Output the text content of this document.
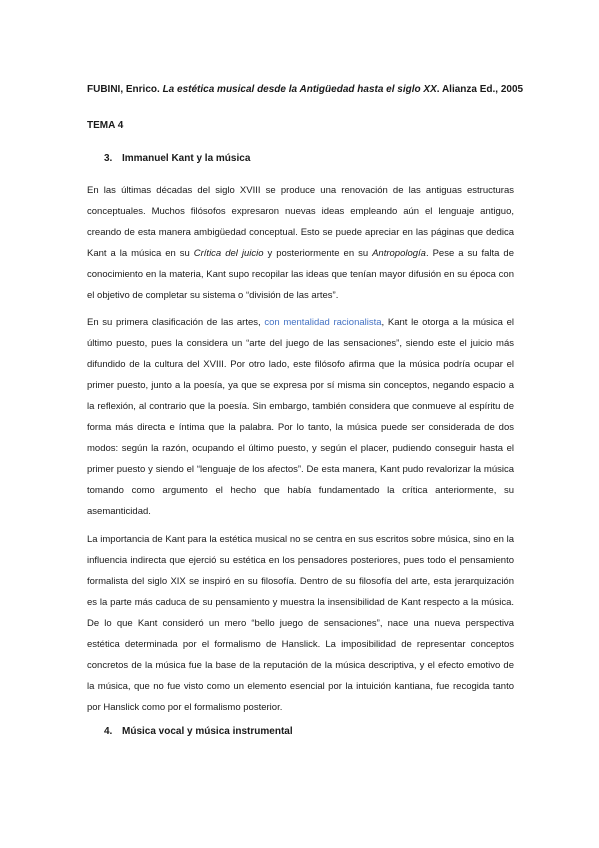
FUBINI, Enrico. La estética musical desde la Antigüedad hasta el siglo XX. Alianza Ed., 2005

TEMA 4

3. Immanuel Kant y la música

En las últimas décadas del siglo XVIII se produce una renovación de las antiguas estructuras conceptuales. Muchos filósofos expresaron nuevas ideas empleando aún el lenguaje antiguo, creando de esta manera ambigüedad conceptual. Esto se puede apreciar en las páginas que dedica Kant a la música en su Crítica del juicio y posteriormente en su Antropología. Pese a su falta de conocimiento en la materia, Kant supo recopilar las ideas que tenían mayor difusión en su época con el objetivo de completar su sistema o “división de las artes”.

En su primera clasificación de las artes, con mentalidad racionalista, Kant le otorga a la música el último puesto, pues la considera un “arte del juego de las sensaciones”, siendo este el juicio más difundido de la cultura del XVIII. Por otro lado, este filósofo afirma que la música podría ocupar el primer puesto, junto a la poesía, ya que se expresa por sí misma sin conceptos, negando espacio a la reflexión, al contrario que la poesía. Sin embargo, también considera que conmueve al espíritu de forma más directa e íntima que la palabra. Por lo tanto, la música puede ser considerada de dos modos: según la razón, ocupando el último puesto, y según el placer, pudiendo conseguir hasta el primer puesto y siendo el “lenguaje de los afectos”. De esta manera, Kant pudo revalorizar la música tomando como argumento el hecho que había fundamentado la crítica anteriormente, su asemanticidad.

La importancia de Kant para la estética musical no se centra en sus escritos sobre música, sino en la influencia indirecta que ejerció su estética en los pensadores posteriores, pues todo el pensamiento formalista del siglo XIX se inspiró en su filosofía. Dentro de su filosofía del arte, esta jerarquización es la parte más caduca de su pensamiento y muestra la insensibilidad de Kant respecto a la música. De lo que Kant consideró un mero “bello juego de sensaciones”, nace una nueva perspectiva estética determinada por el formalismo de Hanslick. La imposibilidad de representar conceptos concretos de la música fue la base de la reputación de la música descriptiva, y el efecto emotivo de la música, que no fue visto como un elemento esencial por la intuición kantiana, fue recogida tanto por Hanslick como por el formalismo posterior.

4. Música vocal y música instrumental
